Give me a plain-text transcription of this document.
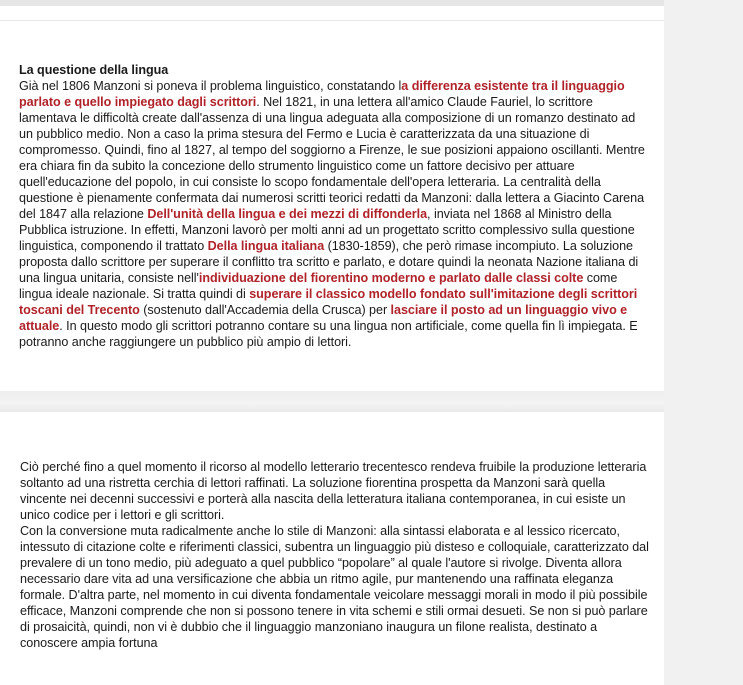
La questione della lingua

Già nel 1806 Manzoni si poneva il problema linguistico, constatando la differenza esistente tra il linguaggio parlato e quello impiegato dagli scrittori. Nel 1821, in una lettera all'amico Claude Fauriel, lo scrittore lamentava le difficoltà create dall'assenza di una lingua adeguata alla composizione di un romanzo destinato ad un pubblico medio. Non a caso la prima stesura del Fermo e Lucia è caratterizzata da una situazione di compromesso. Quindi, fino al 1827, al tempo del soggiorno a Firenze, le sue posizioni appaiono oscillanti. Mentre era chiara fin da subito la concezione dello strumento linguistico come un fattore decisivo per attuare quell'educazione del popolo, in cui consiste lo scopo fondamentale dell'opera letteraria. La centralità della questione è pienamente confermata dai numerosi scritti teorici redatti da Manzoni: dalla lettera a Giacinto Carena del 1847 alla relazione Dell'unità della lingua e dei mezzi di diffonderla, inviata nel 1868 al Ministro della Pubblica istruzione. In effetti, Manzoni lavorò per molti anni ad un progettato scritto complessivo sulla questione linguistica, componendo il trattato Della lingua italiana (1830-1859), che però rimase incompiuto. La soluzione proposta dallo scrittore per superare il conflitto tra scritto e parlato, e dotare quindi la neonata Nazione italiana di una lingua unitaria, consiste nell'individuazione del fiorentino moderno e parlato dalle classi colte come lingua ideale nazionale. Si tratta quindi di superare il classico modello fondato sull'imitazione degli scrittori toscani del Trecento (sostenuto dall'Accademia della Crusca) per lasciare il posto ad un linguaggio vivo e attuale. In questo modo gli scrittori potranno contare su una lingua non artificiale, come quella fin lì impiegata. E potranno anche raggiungere un pubblico più ampio di lettori.

Ciò perché fino a quel momento il ricorso al modello letterario trecentesco rendeva fruibile la produzione letteraria soltanto ad una ristretta cerchia di lettori raffinati. La soluzione fiorentina prospetta da Manzoni sarà quella vincente nei decenni successivi e porterà alla nascita della letteratura italiana contemporanea, in cui esiste un unico codice per i lettori e gli scrittori.

Con la conversione muta radicalmente anche lo stile di Manzoni: alla sintassi elaborata e al lessico ricercato, intessuto di citazione colte e riferimenti classici, subentra un linguaggio più disteso e colloquiale, caratterizzato dal prevalere di un tono medio, più adeguato a quel pubblico “popolare” al quale l'autore si rivolge. Diventa allora necessario dare vita ad una versificazione che abbia un ritmo agile, pur mantenendo una raffinata eleganza formale. D'altra parte, nel momento in cui diventa fondamentale veicolare messaggi morali in modo il più possibile efficace, Manzoni comprende che non si possono tenere in vita schemi e stili ormai desueti. Se non si può parlare di prosaicità, quindi, non vi è dubbio che il linguaggio manzoniano inaugura un filone realista, destinato a conoscere ampia fortuna
